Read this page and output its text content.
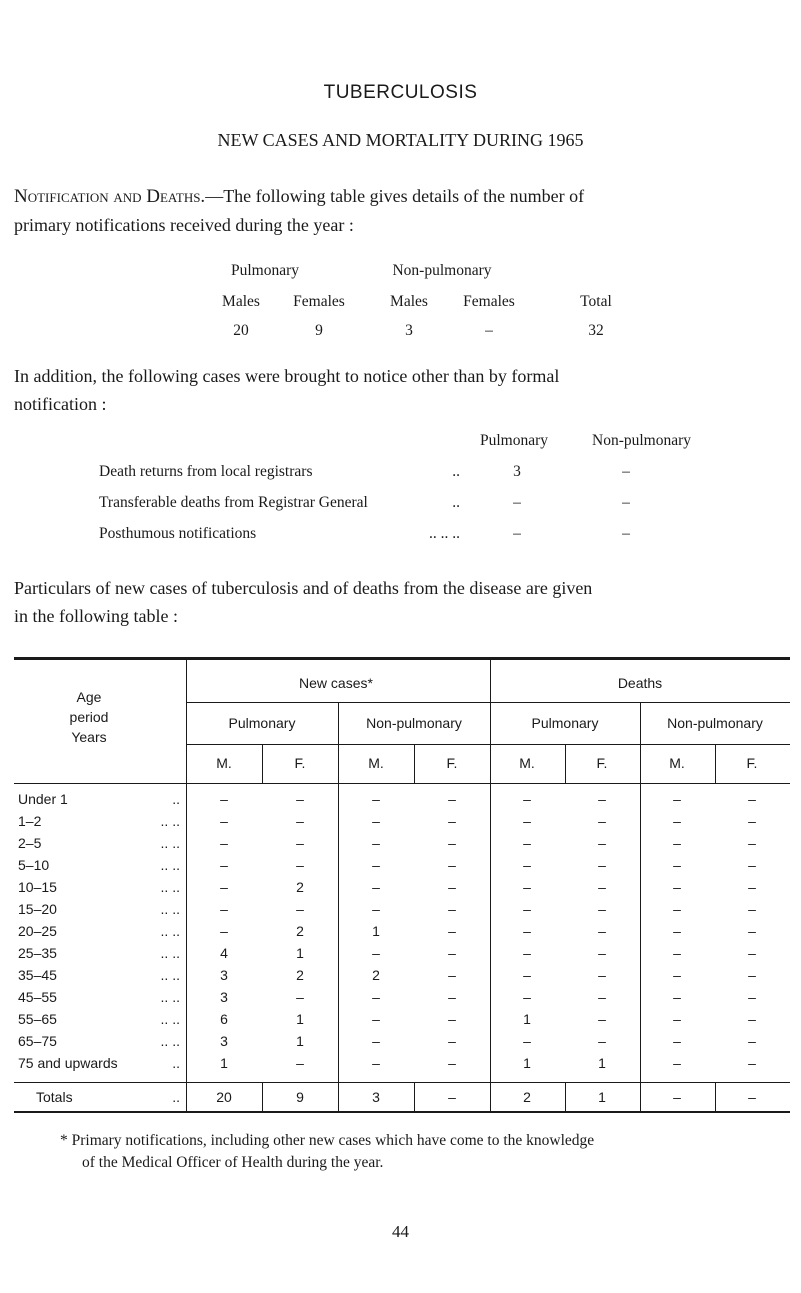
TUBERCULOSIS
NEW CASES AND MORTALITY DURING 1965
Notification and Deaths.—The following table gives details of the number of
primary notifications received during the year :
Pulmonary	Non-pulmonary
Males	Females	Males	Females	Total
20	9	3	–	32
In addition, the following cases were brought to notice other than by formal
notification :
Pulmonary	Non-pulmonary
Death returns from local registrars	..	3	–
Transferable deaths from Registrar General	..	–	–
Posthumous notifications	.. .. ..	–	–
Particulars of new cases of tuberculosis and of deaths from the disease are given
in the following table :
Age
period
Years
New cases*	Deaths
Pulmonary	Non-pulmonary	Pulmonary	Non-pulmonary
M.	F.	M.	F.	M.	F.	M.	F.
Under 1	..	–	–	–	–	–	–	–	–
1–2	.. ..	–	–	–	–	–	–	–	–
2–5	.. ..	–	–	–	–	–	–	–	–
5–10	.. ..	–	–	–	–	–	–	–	–
10–15	.. ..	–	2	–	–	–	–	–	–
15–20	.. ..	–	–	–	–	–	–	–	–
20–25	.. ..	–	2	1	–	–	–	–	–
25–35	.. ..	4	1	–	–	–	–	–	–
35–45	.. ..	3	2	2	–	–	–	–	–
45–55	.. ..	3	–	–	–	–	–	–	–
55–65	.. ..	6	1	–	–	1	–	–	–
65–75	.. ..	3	1	–	–	–	–	–	–
75 and upwards	..	1	–	–	–	1	1	–	–
Totals	..	20	9	3	–	2	1	–	–
* Primary notifications, including other new cases which have come to the knowledge
of the Medical Officer of Health during the year.
44
